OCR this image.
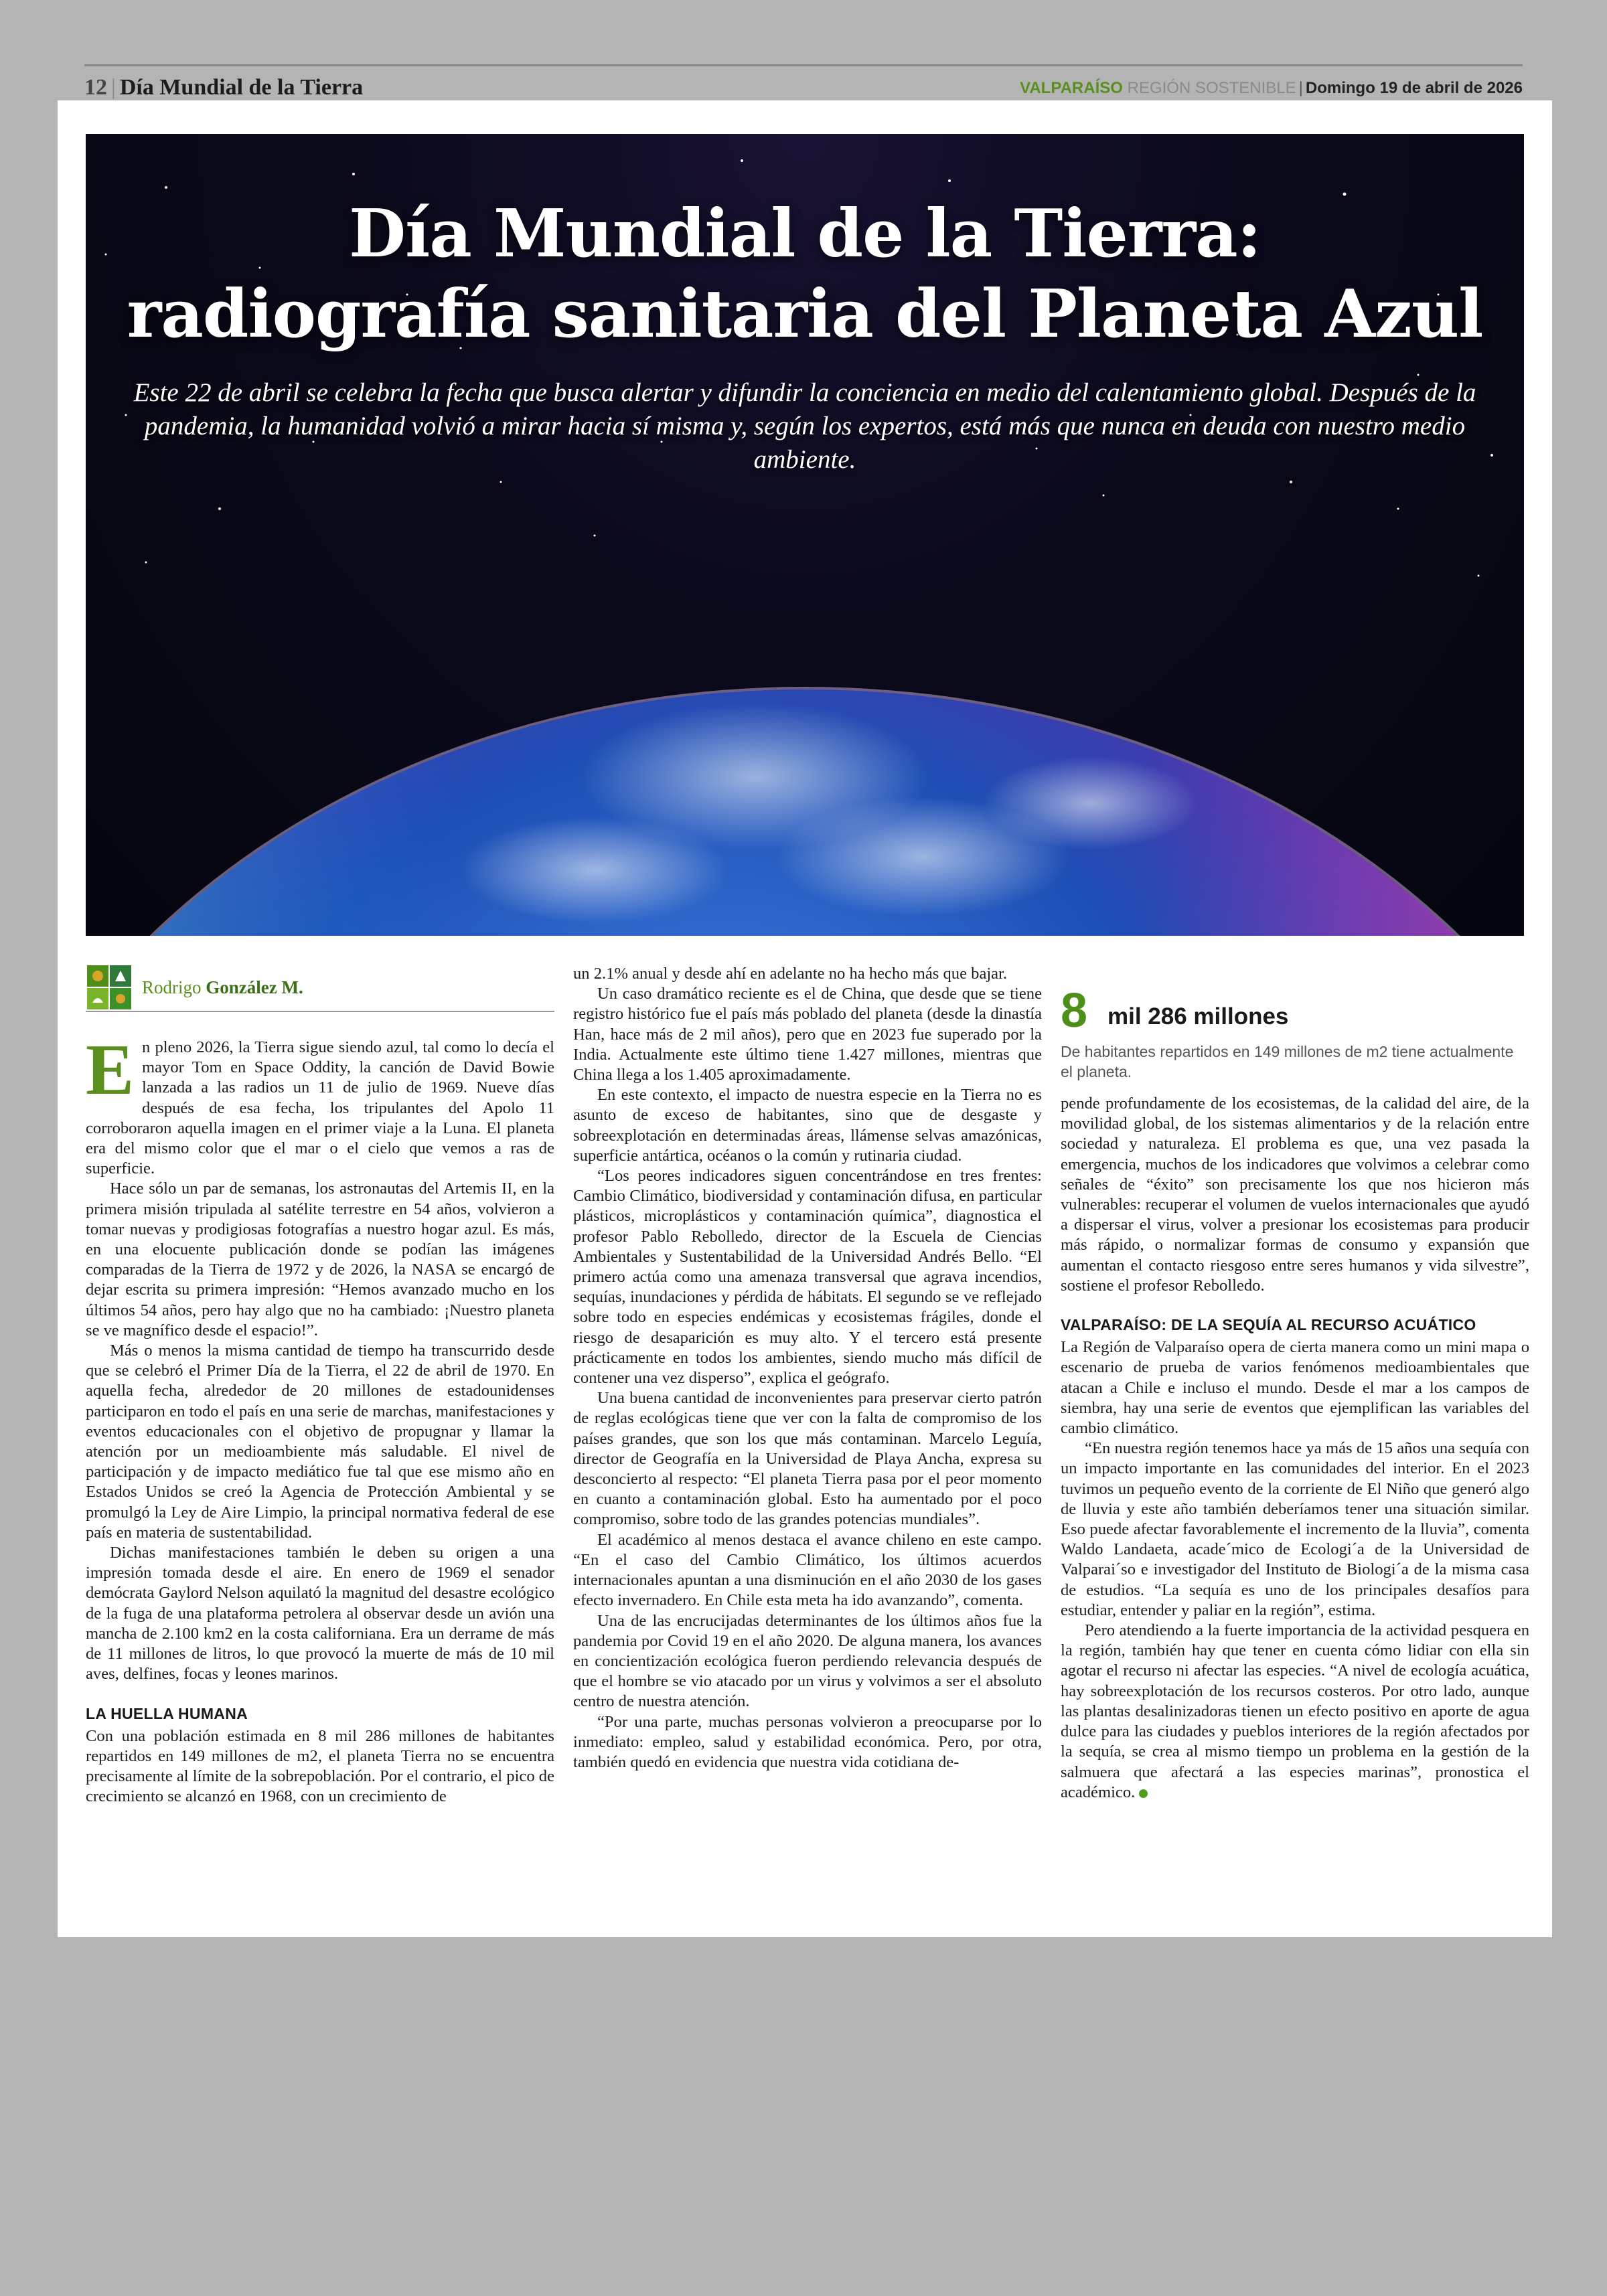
12 | Día Mundial de la Tierra	VALPARAÍSO REGIÓN SOSTENIBLE | Domingo 19 de abril de 2026
Día Mundial de la Tierra:
radiografía sanitaria del Planeta Azul
Este 22 de abril se celebra la fecha que busca alertar y difundir la conciencia en medio del calentamiento global. Después de la pandemia, la humanidad volvió a mirar hacia sí misma y, según los expertos, está más que nunca en deuda con nuestro medio ambiente.
Rodrigo González M.

En pleno 2026, la Tierra sigue siendo azul, tal como lo decía el mayor Tom en Space Oddity, la canción de David Bowie lanzada a las radios un 11 de julio de 1969. Nueve días después de esa fecha, los tripulantes del Apolo 11 corroboraron aquella imagen en el primer viaje a la Luna. El planeta era del mismo color que el mar o el cielo que vemos a ras de superficie.

Hace sólo un par de semanas, los astronautas del Artemis II, en la primera misión tripulada al satélite terrestre en 54 años, volvieron a tomar nuevas y prodigiosas fotografías a nuestro hogar azul. Es más, en una elocuente publicación donde se podían las imágenes comparadas de la Tierra de 1972 y de 2026, la NASA se encargó de dejar escrita su primera impresión: “Hemos avanzado mucho en los últimos 54 años, pero hay algo que no ha cambiado: ¡Nuestro planeta se ve magnífico desde el espacio!”.

Más o menos la misma cantidad de tiempo ha transcurrido desde que se celebró el Primer Día de la Tierra, el 22 de abril de 1970. En aquella fecha, alrededor de 20 millones de estadounidenses participaron en todo el país en una serie de marchas, manifestaciones y eventos educacionales con el objetivo de propugnar y llamar la atención por un medioambiente más saludable. El nivel de participación y de impacto mediático fue tal que ese mismo año en Estados Unidos se creó la Agencia de Protección Ambiental y se promulgó la Ley de Aire Limpio, la principal normativa federal de ese país en materia de sustentabilidad.

Dichas manifestaciones también le deben su origen a una impresión tomada desde el aire. En enero de 1969 el senador demócrata Gaylord Nelson aquilató la magnitud del desastre ecológico de la fuga de una plataforma petrolera al observar desde un avión una mancha de 2.100 km2 en la costa californiana. Era un derrame de más de 11 millones de litros, lo que provocó la muerte de más de 10 mil aves, delfines, focas y leones marinos.

LA HUELLA HUMANA

Con una población estimada en 8 mil 286 millones de habitantes repartidos en 149 millones de m2, el planeta Tierra no se encuentra precisamente al límite de la sobrepoblación. Por el contrario, el pico de crecimiento se alcanzó en 1968, con un crecimiento de

un 2.1% anual y desde ahí en adelante no ha hecho más que bajar.

Un caso dramático reciente es el de China, que desde que se tiene registro histórico fue el país más poblado del planeta (desde la dinastía Han, hace más de 2 mil años), pero que en 2023 fue superado por la India. Actualmente este último tiene 1.427 millones, mientras que China llega a los 1.405 aproximadamente.

En este contexto, el impacto de nuestra especie en la Tierra no es asunto de exceso de habitantes, sino que de desgaste y sobreexplotación en determinadas áreas, llámense selvas amazónicas, superficie antártica, océanos o la común y rutinaria ciudad.

“Los peores indicadores siguen concentrándose en tres frentes: Cambio Climático, biodiversidad y contaminación difusa, en particular plásticos, microplásticos y contaminación química”, diagnostica el profesor Pablo Rebolledo, director de la Escuela de Ciencias Ambientales y Sustentabilidad de la Universidad Andrés Bello. “El primero actúa como una amenaza transversal que agrava incendios, sequías, inundaciones y pérdida de hábitats. El segundo se ve reflejado sobre todo en especies endémicas y ecosistemas frágiles, donde el riesgo de desaparición es muy alto. Y el tercero está presente prácticamente en todos los ambientes, siendo mucho más difícil de contener una vez disperso”, explica el geógrafo.

Una buena cantidad de inconvenientes para preservar cierto patrón de reglas ecológicas tiene que ver con la falta de compromiso de los países grandes, que son los que más contaminan. Marcelo Leguía, director de Geografía en la Universidad de Playa Ancha, expresa su desconcierto al respecto: “El planeta Tierra pasa por el peor momento en cuanto a contaminación global. Esto ha aumentado por el poco compromiso, sobre todo de las grandes potencias mundiales”.

El académico al menos destaca el avance chileno en este campo. “En el caso del Cambio Climático, los últimos acuerdos internacionales apuntan a una disminución en el año 2030 de los gases efecto invernadero. En Chile esta meta ha ido avanzando”, comenta.

Una de las encrucijadas determinantes de los últimos años fue la pandemia por Covid 19 en el año 2020. De alguna manera, los avances en concientización ecológica fueron perdiendo relevancia después de que el hombre se vio atacado por un virus y volvimos a ser el absoluto centro de nuestra atención.

“Por una parte, muchas personas volvieron a preocuparse por lo inmediato: empleo, salud y estabilidad económica. Pero, por otra, también quedó en evidencia que nuestra vida cotidiana de-

8 mil 286 millones
De habitantes repartidos en 149 millones de m2 tiene actualmente el planeta.

pende profundamente de los ecosistemas, de la calidad del aire, de la movilidad global, de los sistemas alimentarios y de la relación entre sociedad y naturaleza. El problema es que, una vez pasada la emergencia, muchos de los indicadores que volvimos a celebrar como señales de “éxito” son precisamente los que nos hicieron más vulnerables: recuperar el volumen de vuelos internacionales que ayudó a dispersar el virus, volver a presionar los ecosistemas para producir más rápido, o normalizar formas de consumo y expansión que aumentan el contacto riesgoso entre seres humanos y vida silvestre”, sostiene el profesor Rebolledo.

VALPARAÍSO: DE LA SEQUÍA AL RECURSO ACUÁTICO

La Región de Valparaíso opera de cierta manera como un mini mapa o escenario de prueba de varios fenómenos medioambientales que atacan a Chile e incluso el mundo. Desde el mar a los campos de siembra, hay una serie de eventos que ejemplifican las variables del cambio climático.

“En nuestra región tenemos hace ya más de 15 años una sequía con un impacto importante en las comunidades del interior. En el 2023 tuvimos un pequeño evento de la corriente de El Niño que generó algo de lluvia y este año también deberíamos tener una situación similar. Eso puede afectar favorablemente el incremento de la lluvia”, comenta Waldo Landaeta, acade´mico de Ecologi´a de la Universidad de Valparai´so e investigador del Instituto de Biologi´a de la misma casa de estudios. “La sequía es uno de los principales desafíos para estudiar, entender y paliar en la región”, estima.

Pero atendiendo a la fuerte importancia de la actividad pesquera en la región, también hay que tener en cuenta cómo lidiar con ella sin agotar el recurso ni afectar las especies. “A nivel de ecología acuática, hay sobreexplotación de los recursos costeros. Por otro lado, aunque las plantas desalinizadoras tienen un efecto positivo en aporte de agua dulce para las ciudades y pueblos interiores de la región afectados por la sequía, se crea al mismo tiempo un problema en la gestión de la salmuera que afectará a las especies marinas”, pronostica el académico.
